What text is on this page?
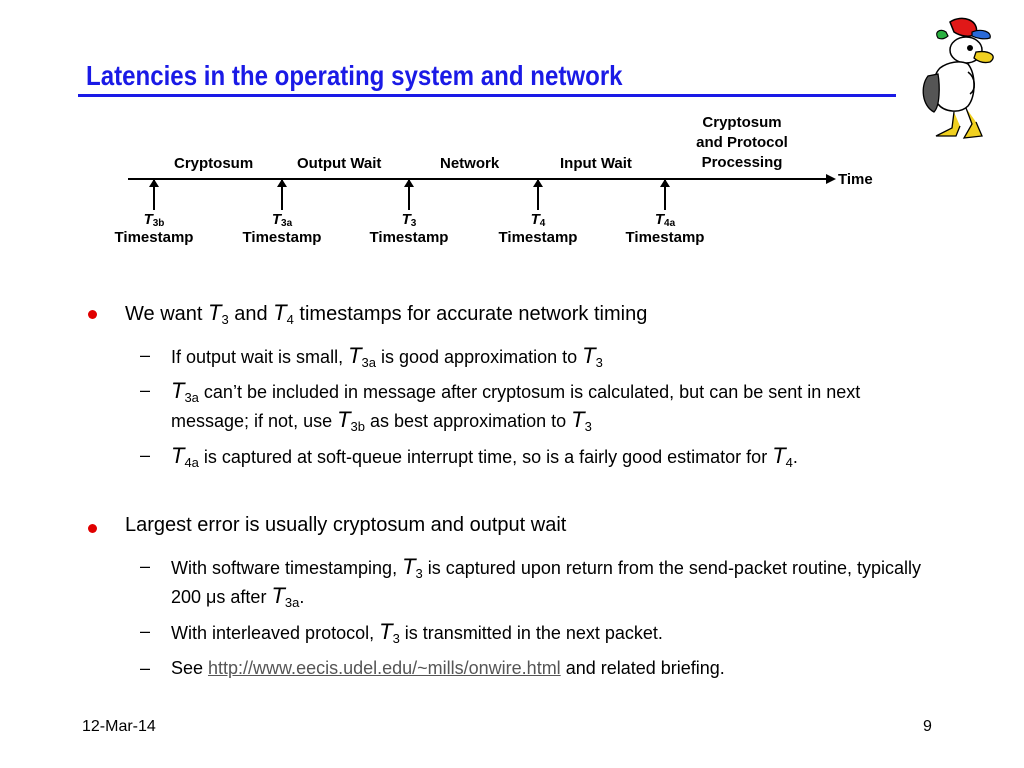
Latencies in the operating system and network
Cryptosum	Output Wait	Network	Input Wait
Cryptosum
and Protocol
Processing
Time
$T_{3b}$
Timestamp
$T_{3a}$
Timestamp
$T_3$
Timestamp
$T_4$
Timestamp
$T_{4a}$
Timestamp
We want $T_3$ and $T_4$ timestamps for accurate network timing
– If output wait is small, $T_{3a}$ is good approximation to $T_3$
– $T_{3a}$ can’t be included in message after cryptosum is calculated, but can be sent in next message; if not, use $T_{3b}$ as best approximation to $T_3$
– $T_{4a}$ is captured at soft-queue interrupt time, so is a fairly good estimator for $T_4$.
Largest error is usually cryptosum and output wait
– With software timestamping, $T_3$ is captured upon return from the send-packet routine, typically 200 μs after $T_{3a}$.
– With interleaved protocol, $T_3$ is transmitted in the next packet.
– See http://www.eecis.udel.edu/~mills/onwire.html and related briefing.
12-Mar-14	9
